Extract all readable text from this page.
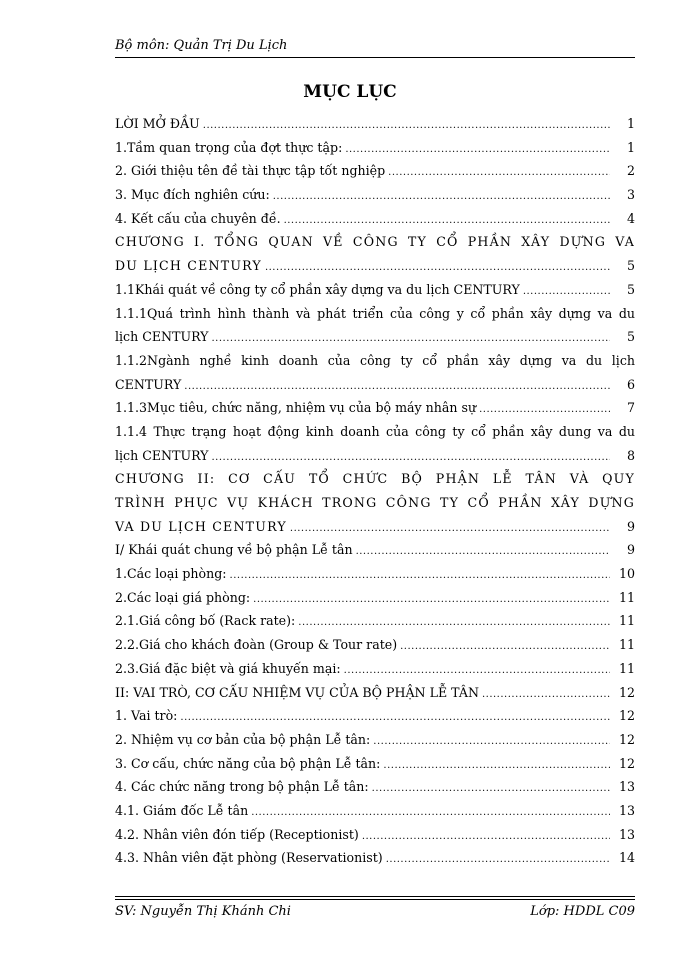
Bộ môn: Quản Trị Du Lịch
MỤC LỤC
LỜI MỞ ĐẦU .....	1
1.Tầm quan trọng của đợt thực tập: .....	1
2. Giới thiệu tên đề tài thực tập tốt nghiệp .....	2
3. Mục đích nghiên cứu: .....	3
4. Kết cấu của chuyên đề. .....	4
CHƯƠNG I. TỔNG QUAN VỀ CÔNG TY CỔ PHẦN XÂY DỰNG VA
DU LỊCH CENTURY .....	5
1.1Khái quát về công ty cổ phần xây dựng va du lịch CENTURY .....	5
1.1.1Quá trình hình thành và phát triển của công y cổ phần xây dựng va du
lịch CENTURY .....	5
1.1.2Ngành nghề kinh doanh của công ty cổ phần xây dựng va du lịch
CENTURY .....	6
1.1.3Mục tiêu, chức năng, nhiệm vụ của bộ máy nhân sự .....	7
1.1.4 Thực trạng hoạt động kinh doanh của công ty cổ phần xây dung va du
lịch CENTURY .....	8
CHƯƠNG II: CƠ CẤU TỔ CHỨC BỘ PHẬN LỄ TÂN VÀ QUY
TRÌNH PHỤC VỤ KHÁCH TRONG CÔNG TY CỔ PHẦN XÂY DỰNG
VA DU LỊCH CENTURY .....	9
I/ Khái quát chung về bộ phận Lễ tân .....	9
1.Các loại phòng: .....	10
2.Các loại giá phòng: .....	11
2.1.Giá công bố (Rack rate): .....	11
2.2.Giá cho khách đoàn (Group & Tour rate) .....	11
2.3.Giá đặc biệt và giá khuyến mại: .....	11
II: VAI TRÒ, CƠ CẤU NHIỆM VỤ CỦA BỘ PHẬN LỄ TÂN .....	12
1. Vai trò: .....	12
2. Nhiệm vụ cơ bản của bộ phận Lễ tân: .....	12
3. Cơ cấu, chức năng của bộ phận Lễ tân: .....	12
4. Các chức năng trong bộ phận Lễ tân: .....	13
4.1. Giám đốc Lễ tân .....	13
4.2. Nhân viên đón tiếp (Receptionist) .....	13
4.3. Nhân viên đặt phòng (Reservationist) .....	14
SV: Nguyễn Thị Khánh Chi	Lớp: HDDL C09
